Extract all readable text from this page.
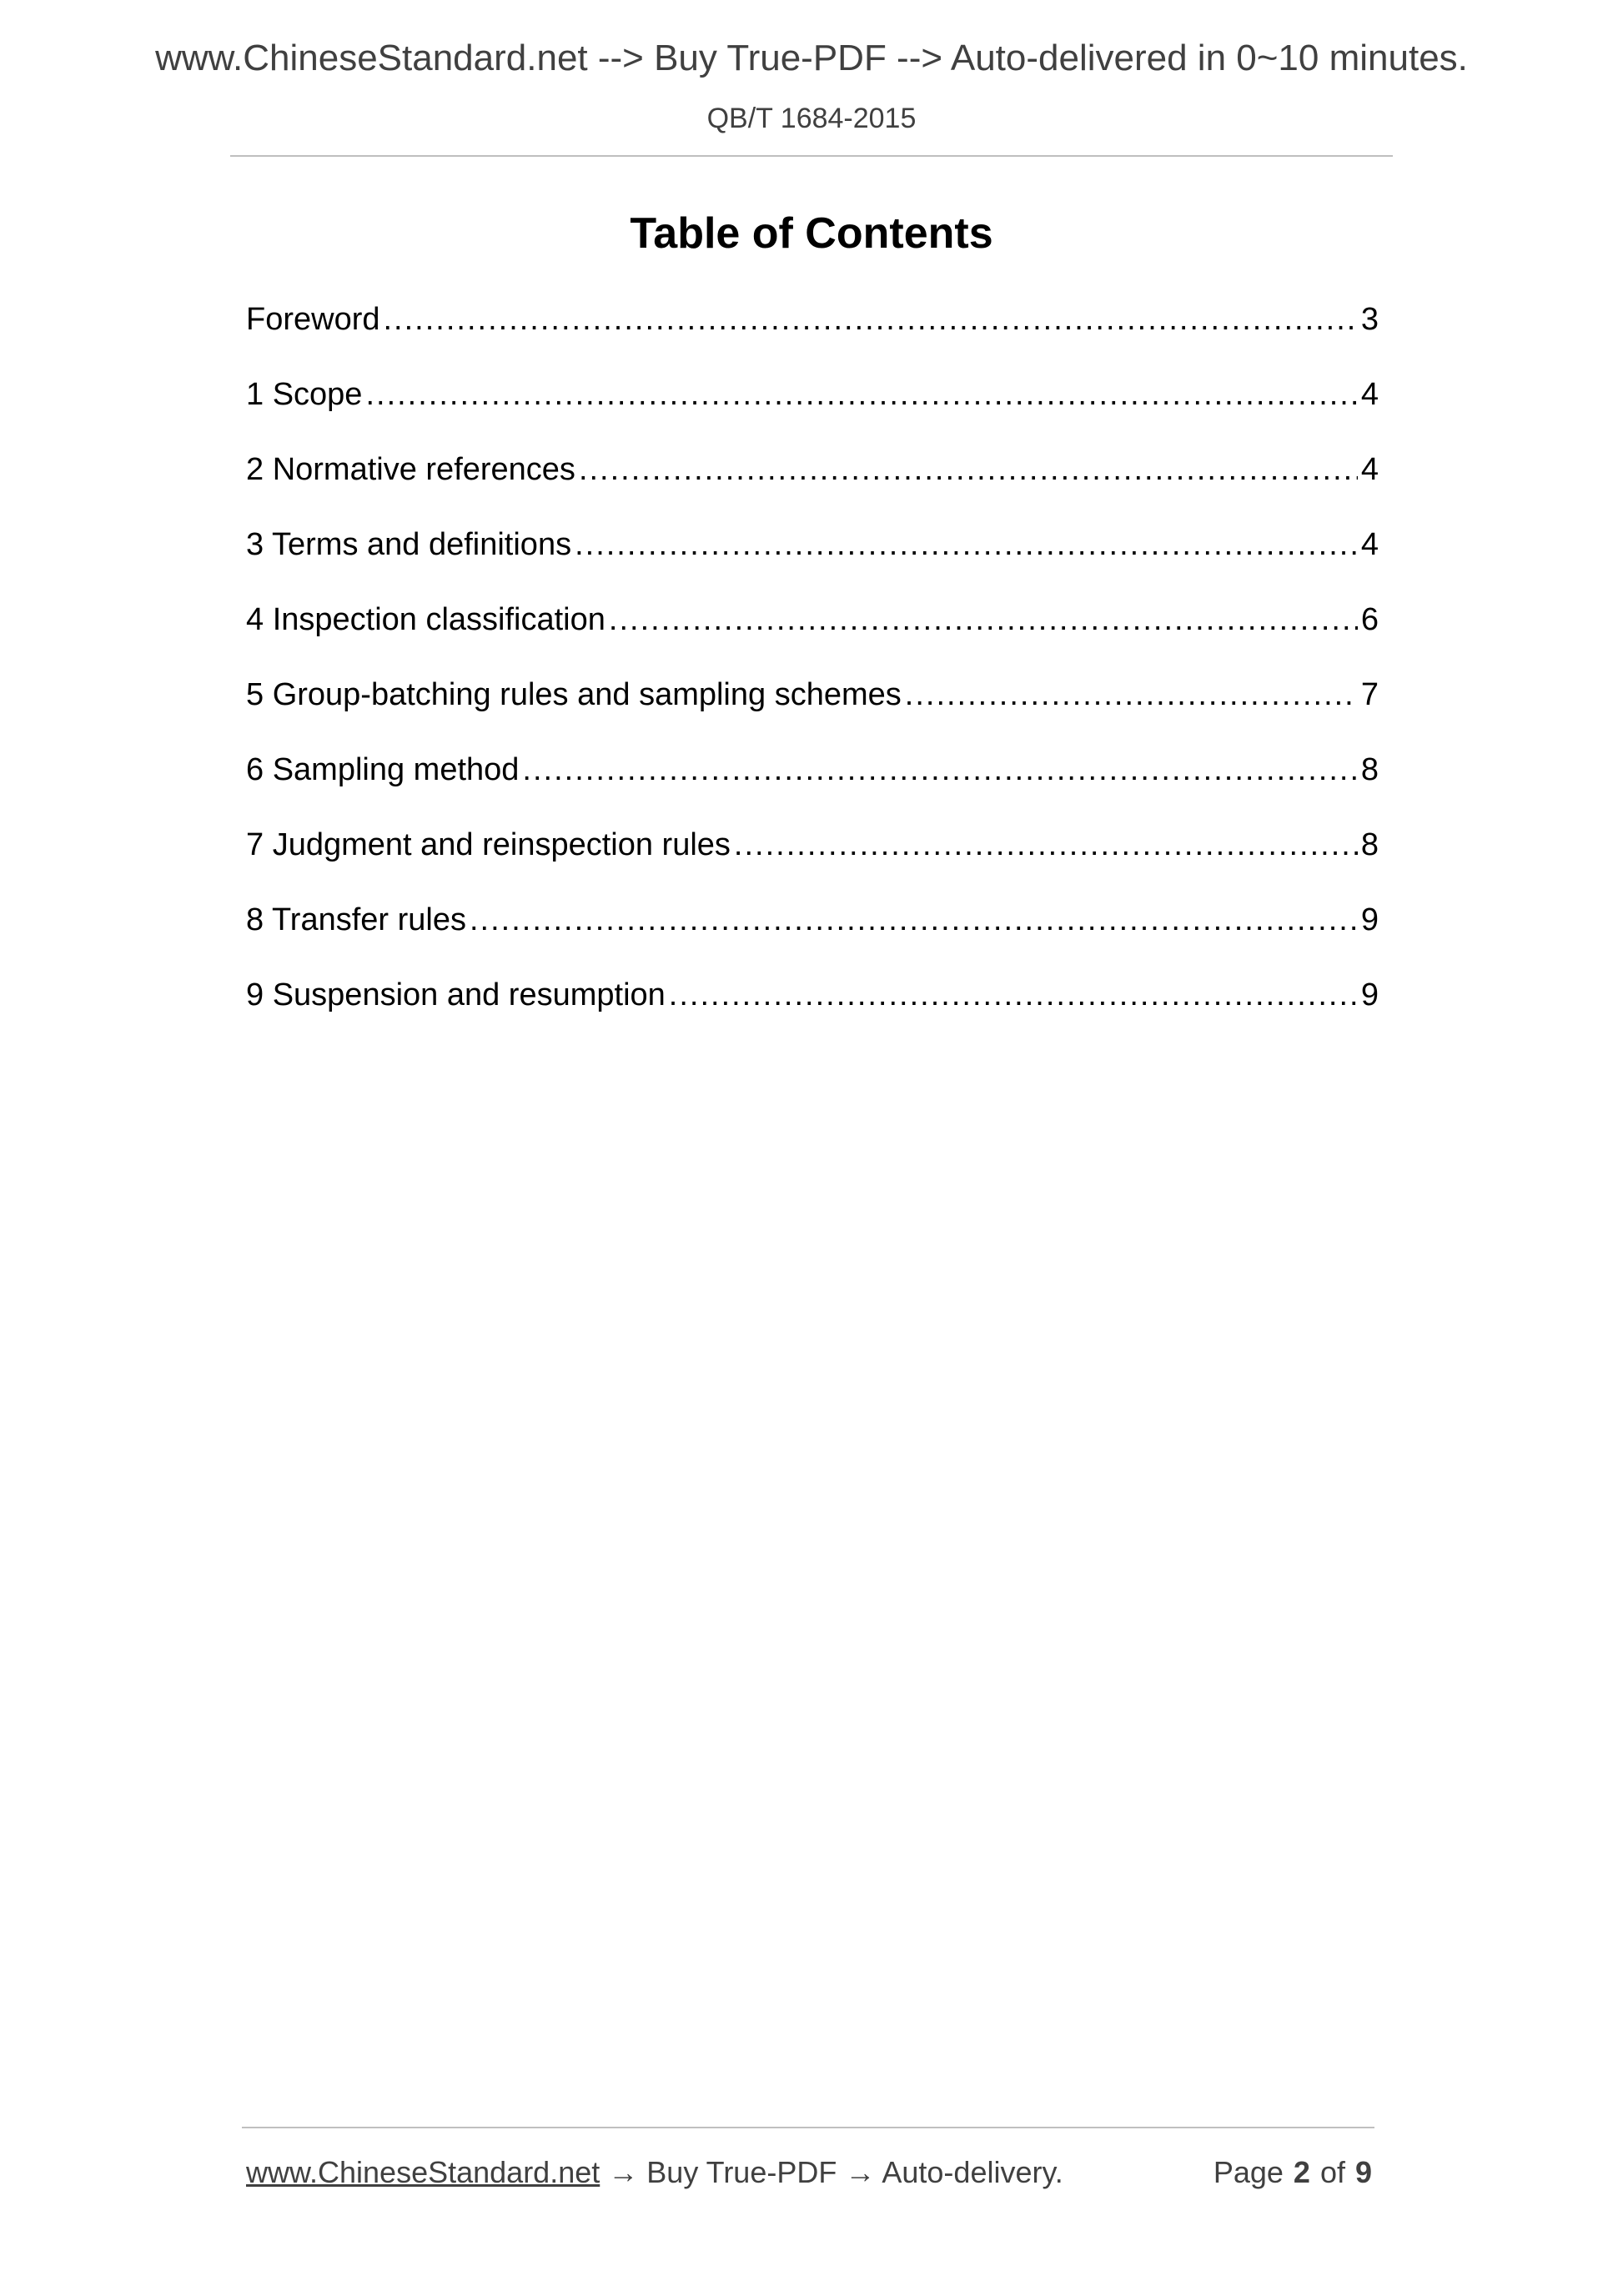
www.ChineseStandard.net --> Buy True-PDF --> Auto-delivered in 0~10 minutes.
QB/T 1684-2015
Table of Contents
Foreword .....	3
1 Scope .....	4
2 Normative references .....	4
3 Terms and definitions .....	4
4 Inspection classification .....	6
5 Group-batching rules and sampling schemes .....	7
6 Sampling method .....	8
7 Judgment and reinspection rules .....	8
8 Transfer rules .....	9
9 Suspension and resumption .....	9
www.ChineseStandard.net → Buy True-PDF → Auto-delivery.	Page 2 of 9
